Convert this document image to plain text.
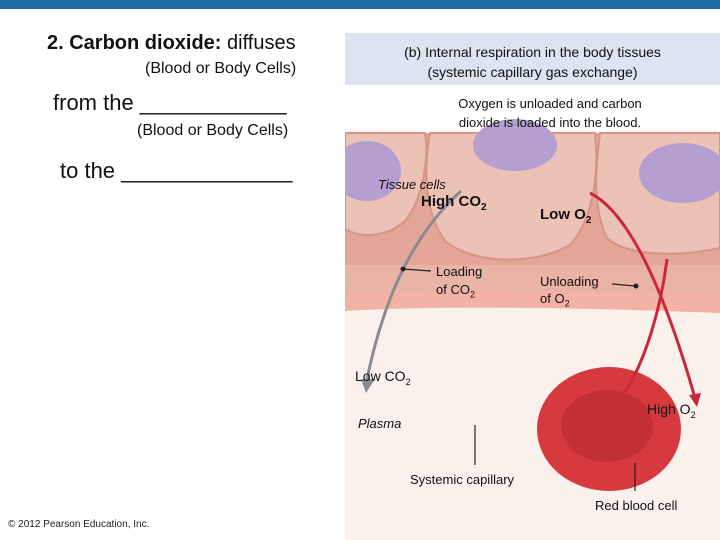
2. Carbon dioxide: diffuses
(Blood or Body Cells)
from the ____________
(Blood or Body Cells)
to the ______________
© 2012 Pearson Education, Inc.
(b) Internal respiration in the body tissues
(systemic capillary gas exchange)
Oxygen is unloaded and carbon
dioxide is loaded into the blood.
Tissue cells
High $CO_2$	Low $O_2$
Loading
of $CO_2$
Unloading
of $O_2$
Low $CO_2$
High $O_2$
Plasma
Systemic capillary
Red blood cell
